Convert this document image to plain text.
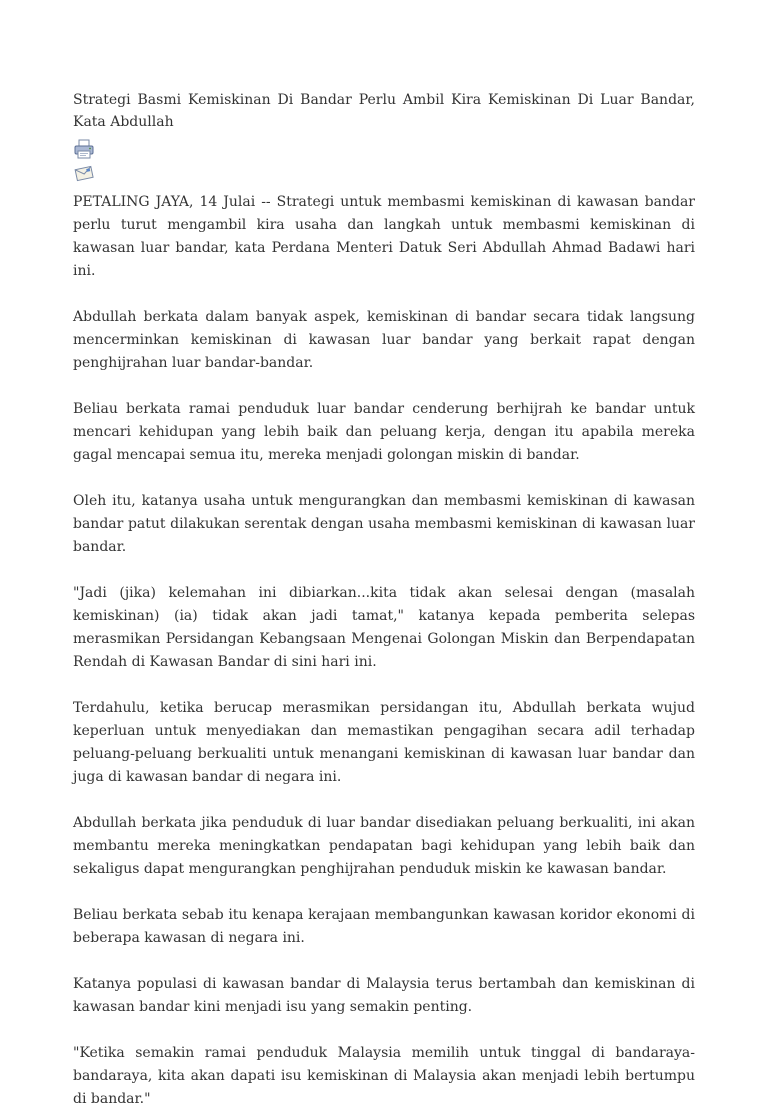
Strategi Basmi Kemiskinan Di Bandar Perlu Ambil Kira Kemiskinan Di Luar Bandar, Kata Abdullah

PETALING JAYA, 14 Julai -- Strategi untuk membasmi kemiskinan di kawasan bandar perlu turut mengambil kira usaha dan langkah untuk membasmi kemiskinan di kawasan luar bandar, kata Perdana Menteri Datuk Seri Abdullah Ahmad Badawi hari ini.

Abdullah berkata dalam banyak aspek, kemiskinan di bandar secara tidak langsung mencerminkan kemiskinan di kawasan luar bandar yang berkait rapat dengan penghijrahan luar bandar-bandar.

Beliau berkata ramai penduduk luar bandar cenderung berhijrah ke bandar untuk mencari kehidupan yang lebih baik dan peluang kerja, dengan itu apabila mereka gagal mencapai semua itu, mereka menjadi golongan miskin di bandar.

Oleh itu, katanya usaha untuk mengurangkan dan membasmi kemiskinan di kawasan bandar patut dilakukan serentak dengan usaha membasmi kemiskinan di kawasan luar bandar.

"Jadi (jika) kelemahan ini dibiarkan...kita tidak akan selesai dengan (masalah kemiskinan) (ia) tidak akan jadi tamat," katanya kepada pemberita selepas merasmikan Persidangan Kebangsaan Mengenai Golongan Miskin dan Berpendapatan Rendah di Kawasan Bandar di sini hari ini.

Terdahulu, ketika berucap merasmikan persidangan itu, Abdullah berkata wujud keperluan untuk menyediakan dan memastikan pengagihan secara adil terhadap peluang-peluang berkualiti untuk menangani kemiskinan di kawasan luar bandar dan juga di kawasan bandar di negara ini.

Abdullah berkata jika penduduk di luar bandar disediakan peluang berkualiti, ini akan membantu mereka meningkatkan pendapatan bagi kehidupan yang lebih baik dan sekaligus dapat mengurangkan penghijrahan penduduk miskin ke kawasan bandar.

Beliau berkata sebab itu kenapa kerajaan membangunkan kawasan koridor ekonomi di beberapa kawasan di negara ini.

Katanya populasi di kawasan bandar di Malaysia terus bertambah dan kemiskinan di kawasan bandar kini menjadi isu yang semakin penting.

"Ketika semakin ramai penduduk Malaysia memilih untuk tinggal di bandaraya-bandaraya, kita akan dapati isu kemiskinan di Malaysia akan menjadi lebih bertumpu di bandar."
